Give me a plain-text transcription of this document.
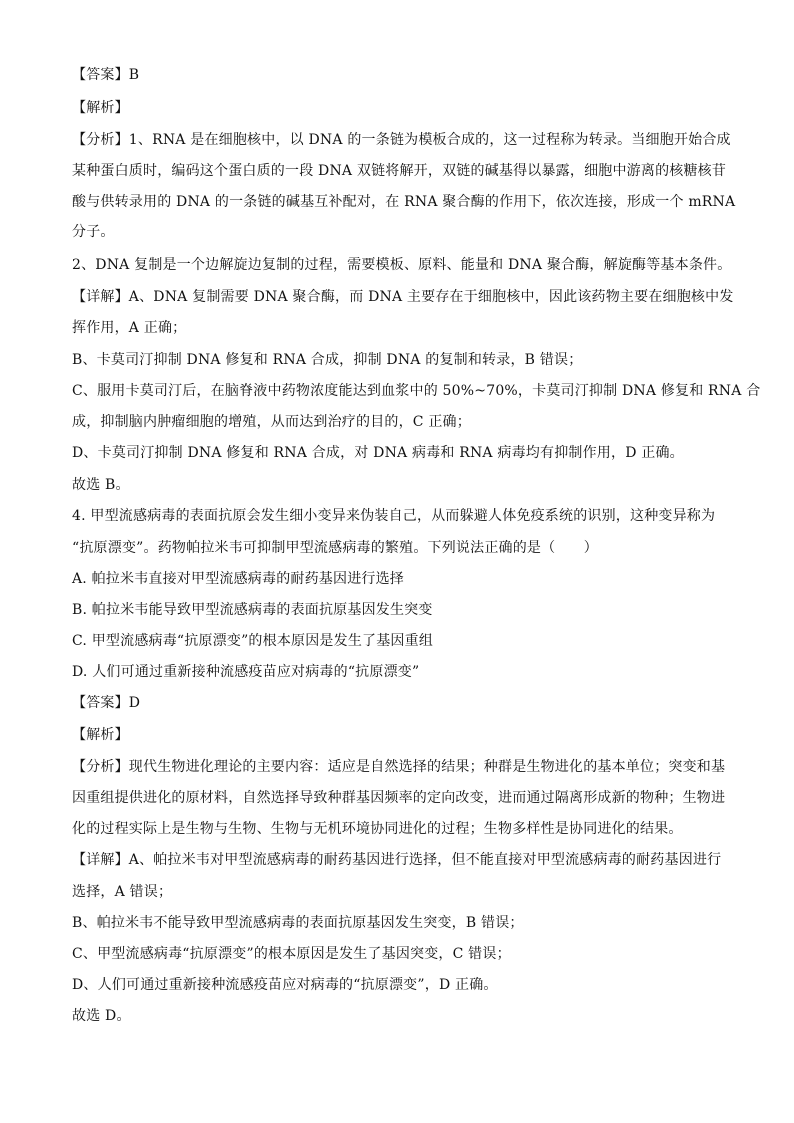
【答案】B
【解析】
【分析】1、RNA 是在细胞核中，以 DNA 的一条链为模板合成的，这一过程称为转录。当细胞开始合成
某种蛋白质时，编码这个蛋白质的一段 DNA 双链将解开，双链的碱基得以暴露，细胞中游离的核糖核苷
酸与供转录用的 DNA 的一条链的碱基互补配对，在 RNA 聚合酶的作用下，依次连接，形成一个 mRNA
分子。
2、DNA 复制是一个边解旋边复制的过程，需要模板、原料、能量和 DNA 聚合酶，解旋酶等基本条件。
【详解】A、DNA 复制需要 DNA 聚合酶，而 DNA 主要存在于细胞核中，因此该药物主要在细胞核中发
挥作用，A 正确；
B、卡莫司汀抑制 DNA 修复和 RNA 合成，抑制 DNA 的复制和转录，B 错误；
C、服用卡莫司汀后，在脑脊液中药物浓度能达到血浆中的 50%~70%，卡莫司汀抑制 DNA 修复和 RNA 合
成，抑制脑内肿瘤细胞的增殖，从而达到治疗的目的，C 正确；
D、卡莫司汀抑制 DNA 修复和 RNA 合成，对 DNA 病毒和 RNA 病毒均有抑制作用，D 正确。
故选 B。
4. 甲型流感病毒的表面抗原会发生细小变异来伪装自己，从而躲避人体免疫系统的识别，这种变异称为
“抗原漂变”。药物帕拉米韦可抑制甲型流感病毒的繁殖。下列说法正确的是（　　）
A. 帕拉米韦直接对甲型流感病毒的耐药基因进行选择
B. 帕拉米韦能导致甲型流感病毒的表面抗原基因发生突变
C. 甲型流感病毒“抗原漂变”的根本原因是发生了基因重组
D. 人们可通过重新接种流感疫苗应对病毒的“抗原漂变”
【答案】D
【解析】
【分析】现代生物进化理论的主要内容：适应是自然选择的结果；种群是生物进化的基本单位；突变和基
因重组提供进化的原材料，自然选择导致种群基因频率的定向改变，进而通过隔离形成新的物种；生物进
化的过程实际上是生物与生物、生物与无机环境协同进化的过程；生物多样性是协同进化的结果。
【详解】A、帕拉米韦对甲型流感病毒的耐药基因进行选择，但不能直接对甲型流感病毒的耐药基因进行
选择，A 错误；
B、帕拉米韦不能导致甲型流感病毒的表面抗原基因发生突变，B 错误；
C、甲型流感病毒“抗原漂变”的根本原因是发生了基因突变，C 错误；
D、人们可通过重新接种流感疫苗应对病毒的“抗原漂变”，D 正确。
故选 D。
